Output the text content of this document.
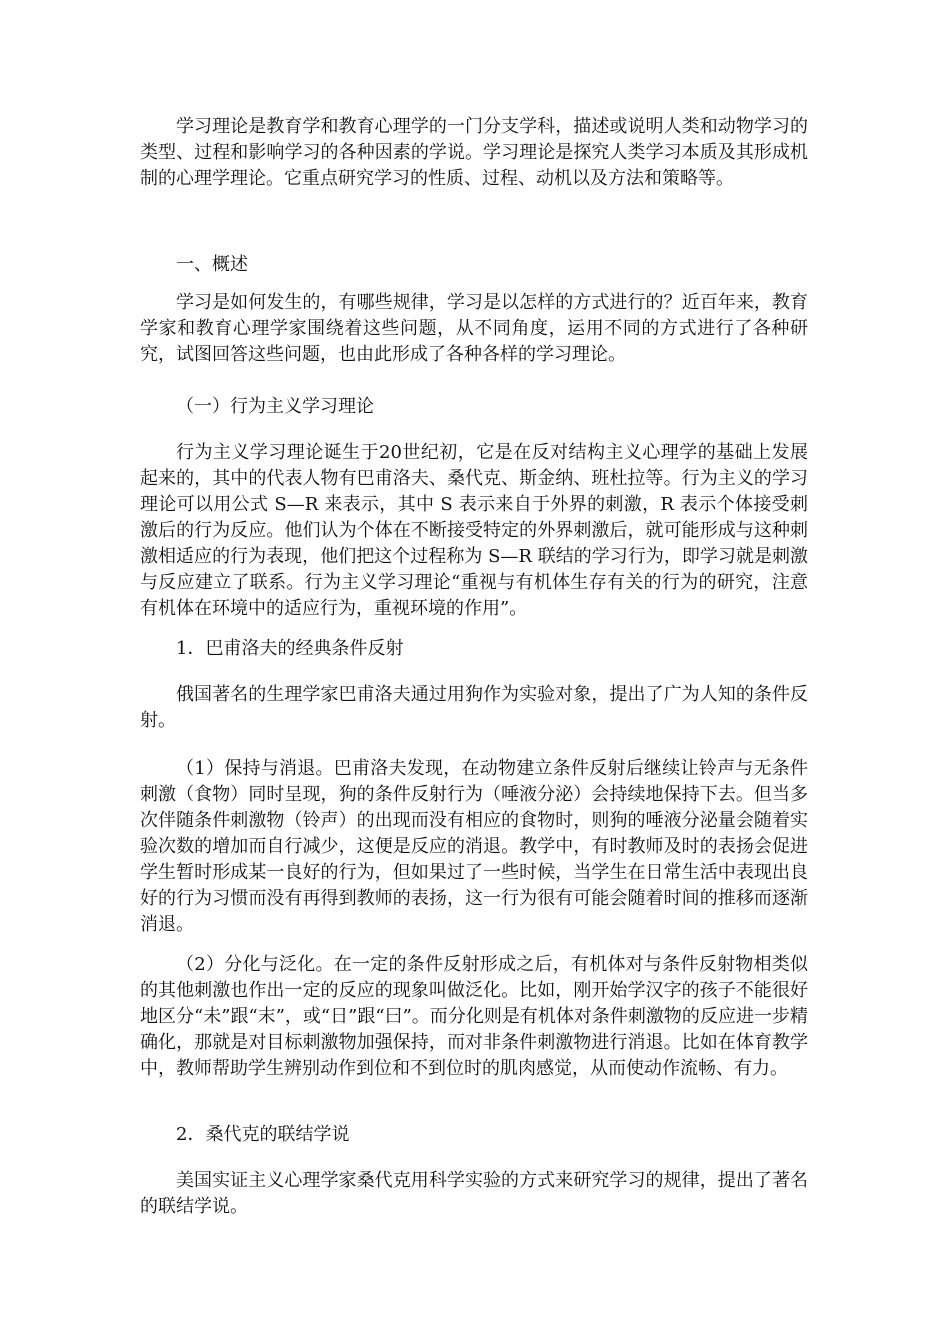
学习理论是教育学和教育心理学的一门分支学科，描述或说明人类和动物学习的类型、过程和影响学习的各种因素的学说。学习理论是探究人类学习本质及其形成机制的心理学理论。它重点研究学习的性质、过程、动机以及方法和策略等。

一、概述

学习是如何发生的，有哪些规律，学习是以怎样的方式进行的？近百年来，教育学家和教育心理学家围绕着这些问题，从不同角度，运用不同的方式进行了各种研究，试图回答这些问题，也由此形成了各种各样的学习理论。

（一）行为主义学习理论

行为主义学习理论诞生于20世纪初，它是在反对结构主义心理学的基础上发展起来的，其中的代表人物有巴甫洛夫、桑代克、斯金纳、班杜拉等。行为主义的学习理论可以用公式 S—R 来表示，其中 S 表示来自于外界的刺激，R 表示个体接受刺激后的行为反应。他们认为个体在不断接受特定的外界刺激后，就可能形成与这种刺激相适应的行为表现，他们把这个过程称为 S—R 联结的学习行为，即学习就是刺激与反应建立了联系。行为主义学习理论“重视与有机体生存有关的行为的研究，注意有机体在环境中的适应行为，重视环境的作用”。

1．巴甫洛夫的经典条件反射

俄国著名的生理学家巴甫洛夫通过用狗作为实验对象，提出了广为人知的条件反射。

（1）保持与消退。巴甫洛夫发现，在动物建立条件反射后继续让铃声与无条件刺激（食物）同时呈现，狗的条件反射行为（唾液分泌）会持续地保持下去。但当多次伴随条件刺激物（铃声）的出现而没有相应的食物时，则狗的唾液分泌量会随着实验次数的增加而自行减少，这便是反应的消退。教学中，有时教师及时的表扬会促进学生暂时形成某一良好的行为，但如果过了一些时候，当学生在日常生活中表现出良好的行为习惯而没有再得到教师的表扬，这一行为很有可能会随着时间的推移而逐渐消退。

（2）分化与泛化。在一定的条件反射形成之后，有机体对与条件反射物相类似的其他刺激也作出一定的反应的现象叫做泛化。比如，刚开始学汉字的孩子不能很好地区分“未”跟“末”，或“日”跟“曰”。而分化则是有机体对条件刺激物的反应进一步精确化，那就是对目标刺激物加强保持，而对非条件刺激物进行消退。比如在体育教学中，教师帮助学生辨别动作到位和不到位时的肌肉感觉，从而使动作流畅、有力。

2．桑代克的联结学说

美国实证主义心理学家桑代克用科学实验的方式来研究学习的规律，提出了著名的联结学说。
